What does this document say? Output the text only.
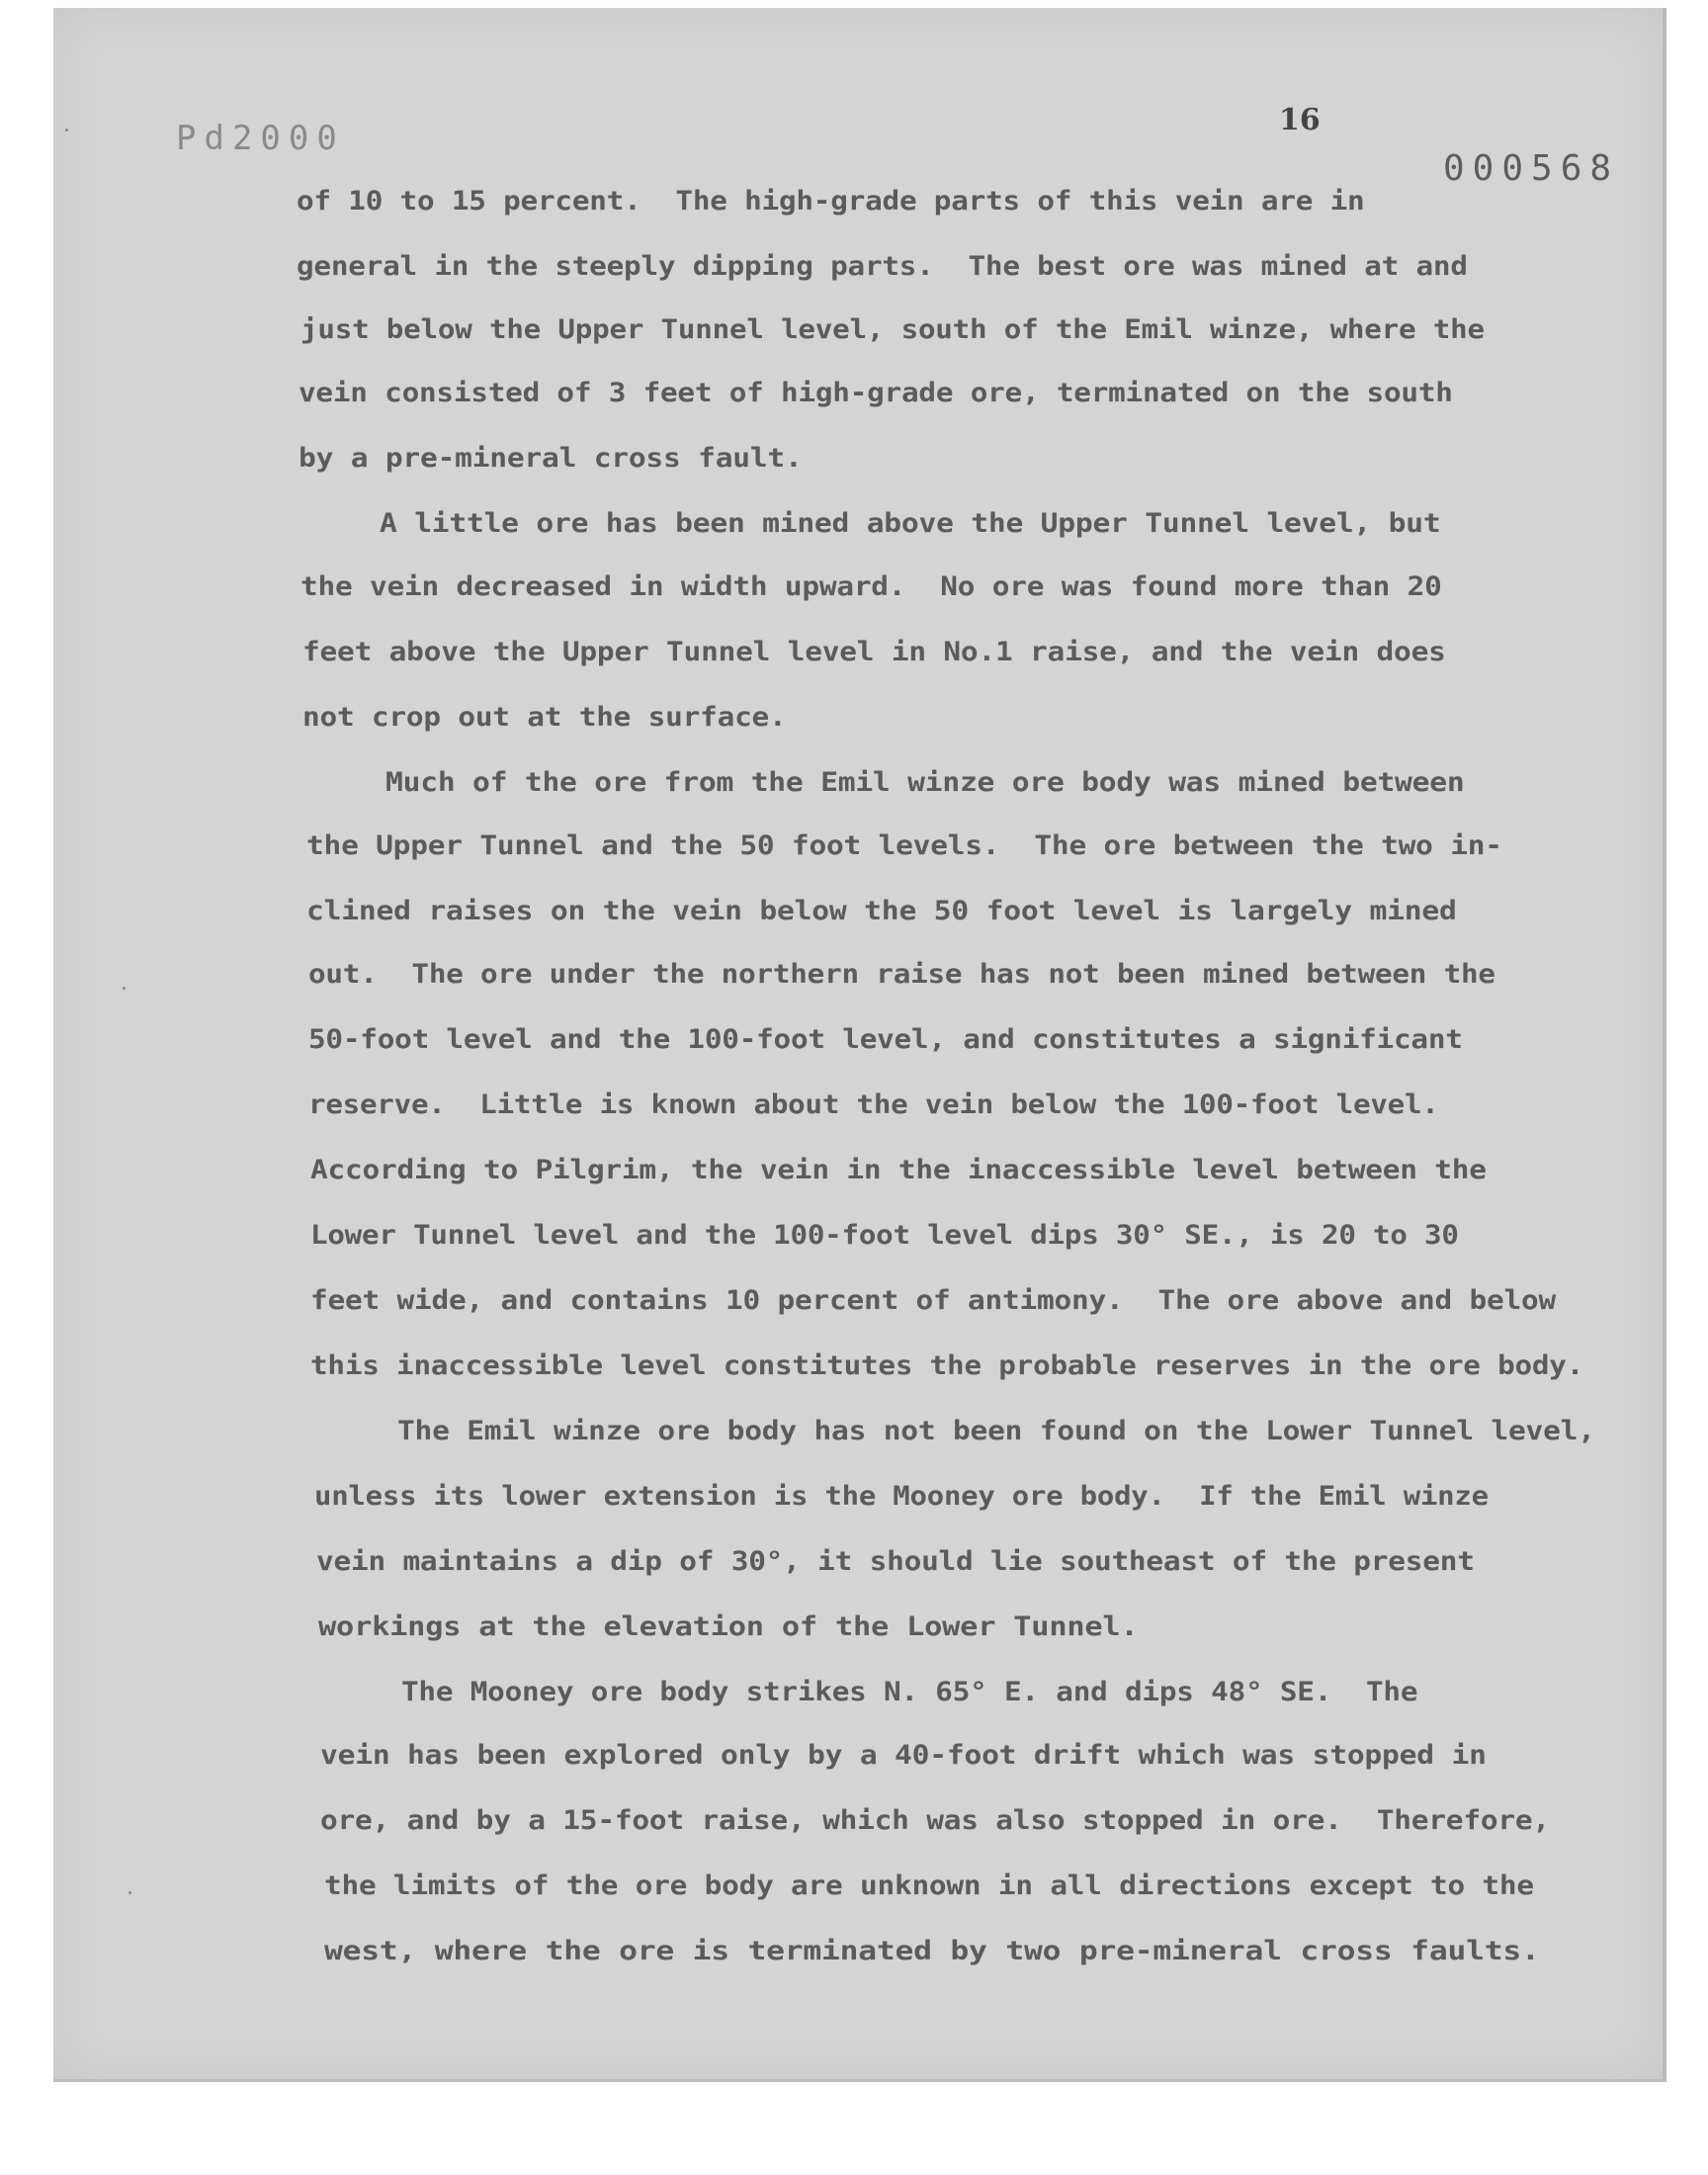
Pd2000	16
000568
of 10 to 15 percent.  The high-grade parts of this vein are in
general in the steeply dipping parts.  The best ore was mined at and
just below the Upper Tunnel level, south of the Emil winze, where the
vein consisted of 3 feet of high-grade ore, terminated on the south
by a pre-mineral cross fault.
A little ore has been mined above the Upper Tunnel level, but
the vein decreased in width upward.  No ore was found more than 20
feet above the Upper Tunnel level in No.1 raise, and the vein does
not crop out at the surface.
Much of the ore from the Emil winze ore body was mined between
the Upper Tunnel and the 50 foot levels.  The ore between the two in-
clined raises on the vein below the 50 foot level is largely mined
out.  The ore under the northern raise has not been mined between the
50-foot level and the 100-foot level, and constitutes a significant
reserve.  Little is known about the vein below the 100-foot level.
According to Pilgrim, the vein in the inaccessible level between the
Lower Tunnel level and the 100-foot level dips 30° SE., is 20 to 30
feet wide, and contains 10 percent of antimony.  The ore above and below
this inaccessible level constitutes the probable reserves in the ore body.
The Emil winze ore body has not been found on the Lower Tunnel level,
unless its lower extension is the Mooney ore body.  If the Emil winze
vein maintains a dip of 30°, it should lie southeast of the present
workings at the elevation of the Lower Tunnel.
The Mooney ore body strikes N. 65° E. and dips 48° SE.  The
vein has been explored only by a 40-foot drift which was stopped in
ore, and by a 15-foot raise, which was also stopped in ore.  Therefore,
the limits of the ore body are unknown in all directions except to the
west, where the ore is terminated by two pre-mineral cross faults.
